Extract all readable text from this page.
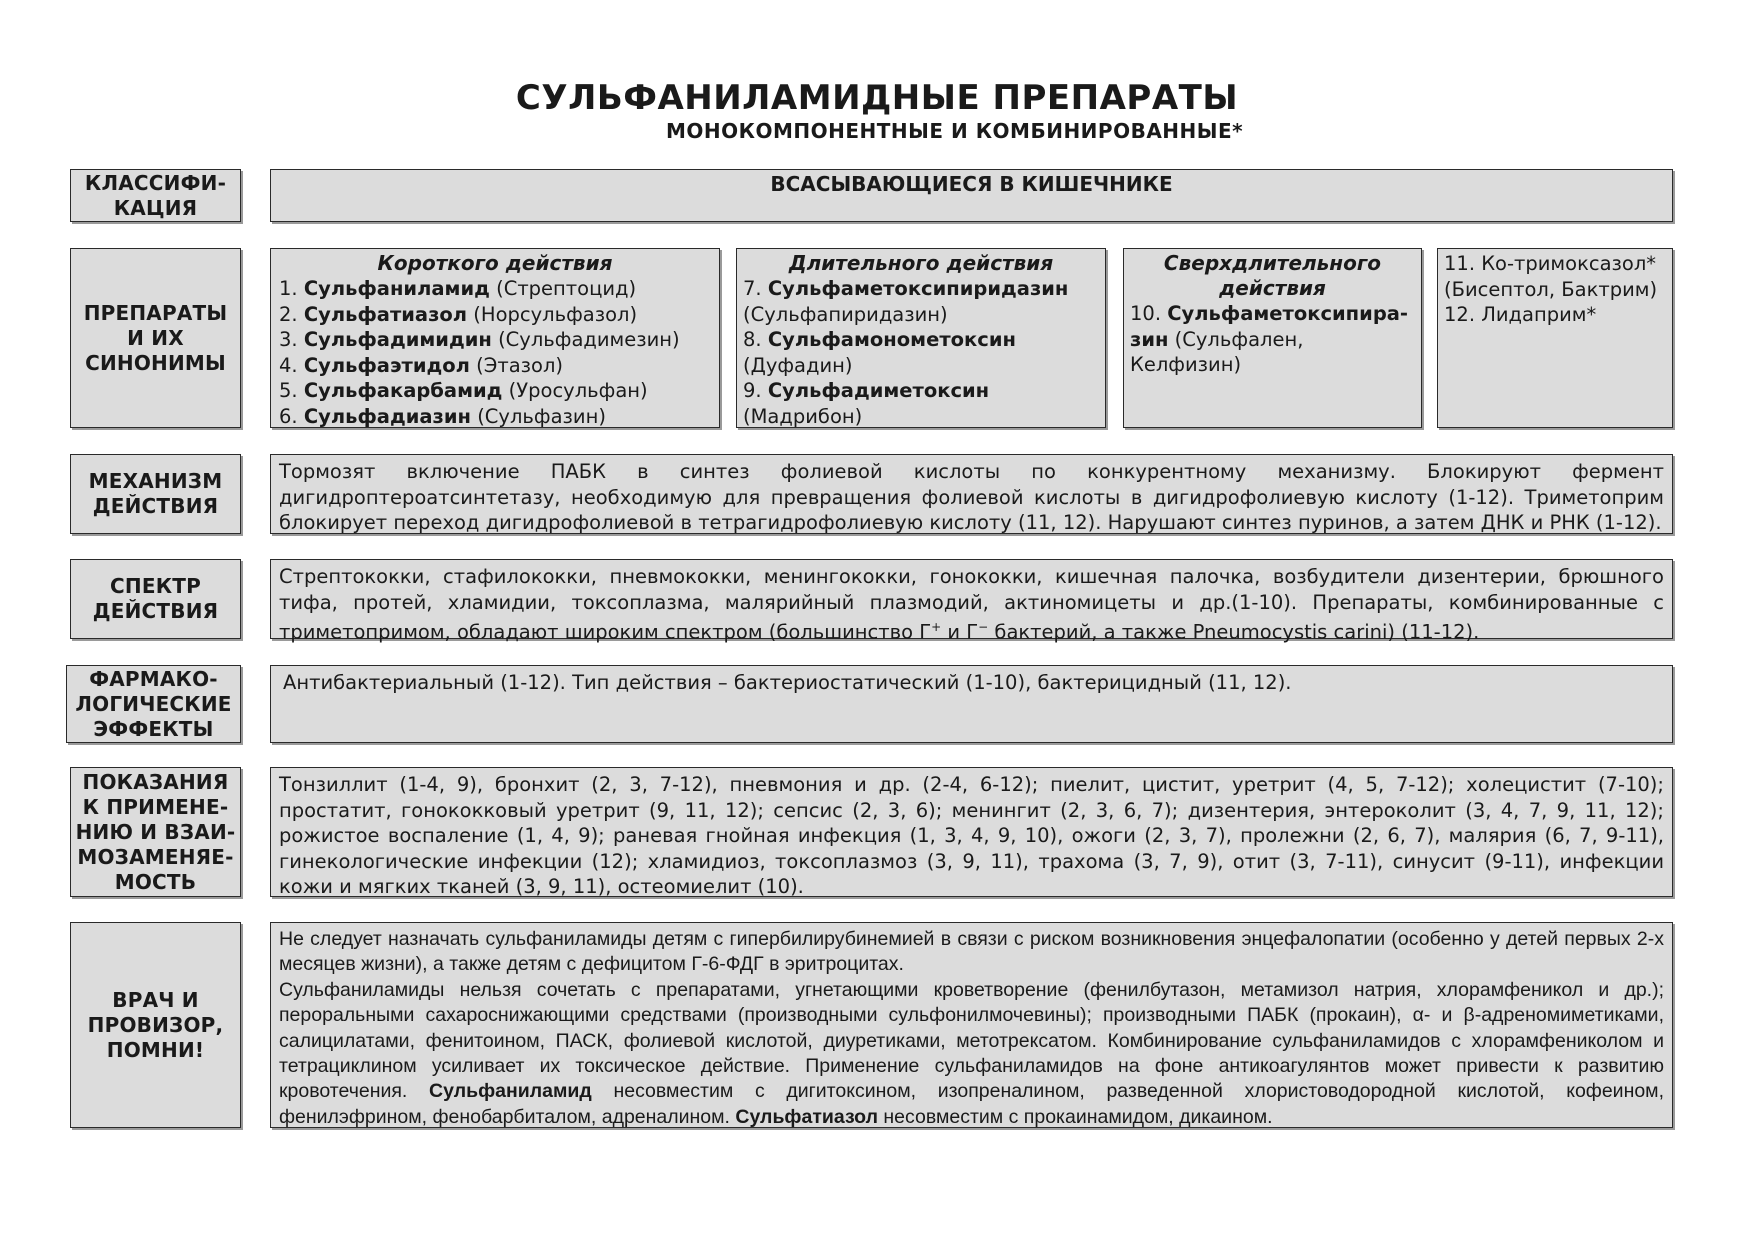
СУЛЬФАНИЛАМИДНЫЕ ПРЕПАРАТЫ
МОНОКОМПОНЕНТНЫЕ И КОМБИНИРОВАННЫЕ*
КЛАССИФИ-
КАЦИЯ
ВСАСЫВАЮЩИЕСЯ В КИШЕЧНИКЕ
ПРЕПАРАТЫ
И ИХ
СИНОНИМЫ
Короткого действия
1. Сульфаниламид (Стрептоцид)
2. Сульфатиазол (Норсульфазол)
3. Сульфадимидин (Сульфадимезин)
4. Сульфаэтидол (Этазол)
5. Сульфакарбамид (Уросульфан)
6. Сульфадиазин (Сульфазин)
Длительного действия
7. Сульфаметоксипиридазин (Сульфапиридазин)
8. Сульфамонометоксин (Дуфадин)
9. Сульфадиметоксин (Мадрибон)
Сверхдлительного действия
10. Сульфаметоксипира-зин (Сульфален, Келфизин)
11. Ко-тримоксазол*
(Бисептол, Бактрим)
12. Лидаприм*
МЕХАНИЗМ
ДЕЙСТВИЯ

Тормозят включение ПАБК в синтез фолиевой кислоты по конкурентному механизму. Блокируют фермент дигидроптероатсинтетазу, необходимую для превращения фолиевой кислоты в дигидрофолиевую кислоту (1-12). Триметоприм блокирует переход дигидрофолиевой в тетрагидрофолиевую кислоту (11, 12). Нарушают синтез пуринов, а затем ДНК и РНК (1-12).

СПЕКТР
ДЕЙСТВИЯ

Стрептококки, стафилококки, пневмококки, менингококки, гонококки, кишечная палочка, возбудители дизентерии, брюшного тифа, протей, хламидии, токсоплазма, малярийный плазмодий, актиномицеты и др.(1-10). Препараты, комбинированные с триметопримом, обладают широким спектром (большинство Г+ и Г− бактерий, а также Pneumocystis carini) (11-12).

ФАРМАКО-
ЛОГИЧЕСКИЕ
ЭФФЕКТЫ

Антибактериальный (1-12). Тип действия – бактериостатический (1-10), бактерицидный (11, 12).

ПОКАЗАНИЯ
К ПРИМЕНЕ-
НИЮ И ВЗАИ-
МОЗАМЕНЯЕ-
МОСТЬ

Тонзиллит (1-4, 9), бронхит (2, 3, 7-12), пневмония и др. (2-4, 6-12); пиелит, цистит, уретрит (4, 5, 7-12); холецистит (7-10); простатит, гонококковый уретрит (9, 11, 12); сепсис (2, 3, 6); менингит (2, 3, 6, 7); дизентерия, энтероколит (3, 4, 7, 9, 11, 12); рожистое воспаление (1, 4, 9); раневая гнойная инфекция (1, 3, 4, 9, 10), ожоги (2, 3, 7), пролежни (2, 6, 7), малярия (6, 7, 9-11), гинекологические инфекции (12); хламидиоз, токсоплазмоз (3, 9, 11), трахома (3, 7, 9), отит (3, 7-11), синусит (9-11), инфекции кожи и мягких тканей (3, 9, 11), остеомиелит (10).

ВРАЧ И
ПРОВИЗОР,
ПОМНИ!

Не следует назначать сульфаниламиды детям с гипербилирубинемией в связи с риском возникновения энцефалопатии (особенно у детей первых 2-х месяцев жизни), а также детям с дефицитом Г-6-ФДГ в эритроцитах.

Сульфаниламиды нельзя сочетать с препаратами, угнетающими кроветворение (фенилбутазон, метамизол натрия, хлорамфеникол и др.); пероральными сахароснижающими средствами (производными сульфонилмочевины); производными ПАБК (прокаин), α- и β-адреномиметиками, салицилатами, фенитоином, ПАСК, фолиевой кислотой, диуретиками, метотрексатом. Комбинирование сульфаниламидов с хлорамфениколом и тетрациклином усиливает их токсическое действие. Применение сульфаниламидов на фоне антикоагулянтов может привести к развитию кровотечения. Сульфаниламид несовместим с дигитоксином, изопреналином, разведенной хлористоводородной кислотой, кофеином, фенилэфрином, фенобарбиталом, адреналином. Сульфатиазол несовместим с прокаинамидом, дикаином.
